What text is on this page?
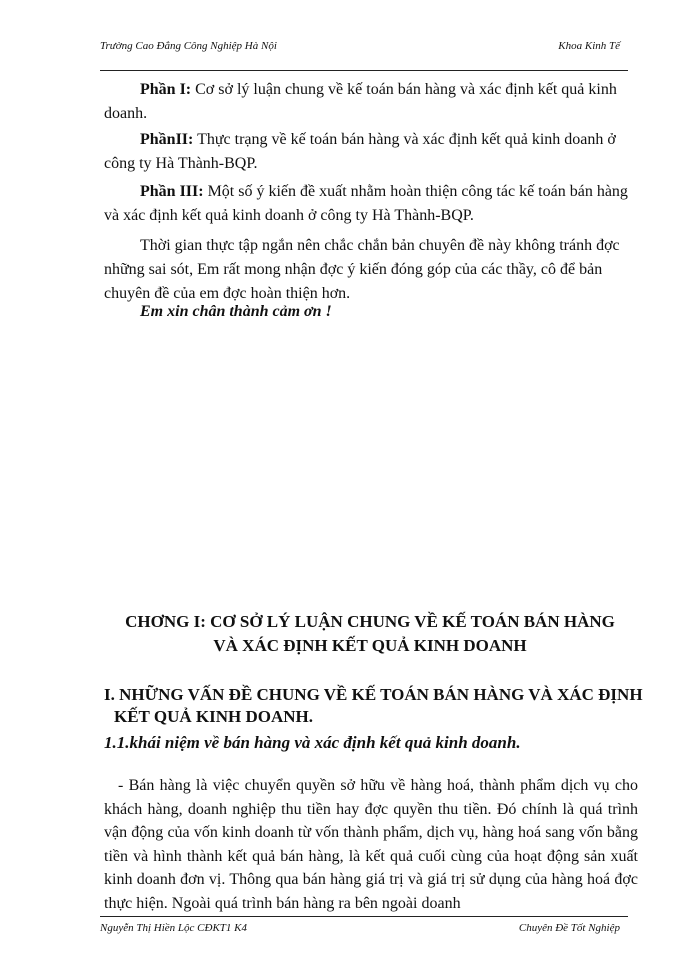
Trường Cao Đẳng Công Nghiệp Hà Nội	Khoa Kinh Tế

Phần I: Cơ sở lý luận chung về kế toán bán hàng và xác định kết quả kinh doanh.

PhầnII: Thực trạng về kế toán bán hàng và xác định kết quả kinh doanh ở công ty Hà Thành-BQP.

Phần III: Một số ý kiến đề xuất nhằm hoàn thiện công tác kế toán bán hàng và xác định kết quả kinh doanh ở công ty Hà Thành-BQP.

Thời gian thực tập ngắn nên chắc chắn bản chuyên đề này không tránh đợc những sai sót, Em rất mong nhận đợc ý kiến đóng góp của các thầy, cô để bản chuyên đề của em đợc hoàn thiện hơn.

Em xin chân thành cảm ơn !
CHƠNG I: CƠ SỞ LÝ LUẬN CHUNG VỀ KẾ TOÁN BÁN HÀNG
VÀ XÁC ĐỊNH KẾT QUẢ KINH DOANH
I. NHỮNG VẤN ĐỀ CHUNG VỀ KẾ TOÁN BÁN HÀNG VÀ XÁC ĐỊNH
KẾT QUẢ KINH DOANH.
1.1.khái niệm về bán hàng và xác định kết quả kinh doanh.

- Bán hàng là việc chuyển quyền sở hữu về hàng hoá, thành phẩm dịch vụ cho khách hàng, doanh nghiệp thu tiền hay đợc quyền thu tiền. Đó chính là quá trình vận động của vốn kinh doanh từ vốn thành phẩm, dịch vụ, hàng hoá sang vốn bằng tiền và hình thành kết quả bán hàng, là kết quả cuối cùng của hoạt động sản xuất kinh doanh đơn vị. Thông qua bán hàng giá trị và giá trị sử dụng của hàng hoá đợc thực hiện. Ngoài quá trình bán hàng ra bên ngoài doanh

Nguyễn Thị Hiền Lộc CĐKT1 K4	Chuyên Đề Tốt Nghiệp
